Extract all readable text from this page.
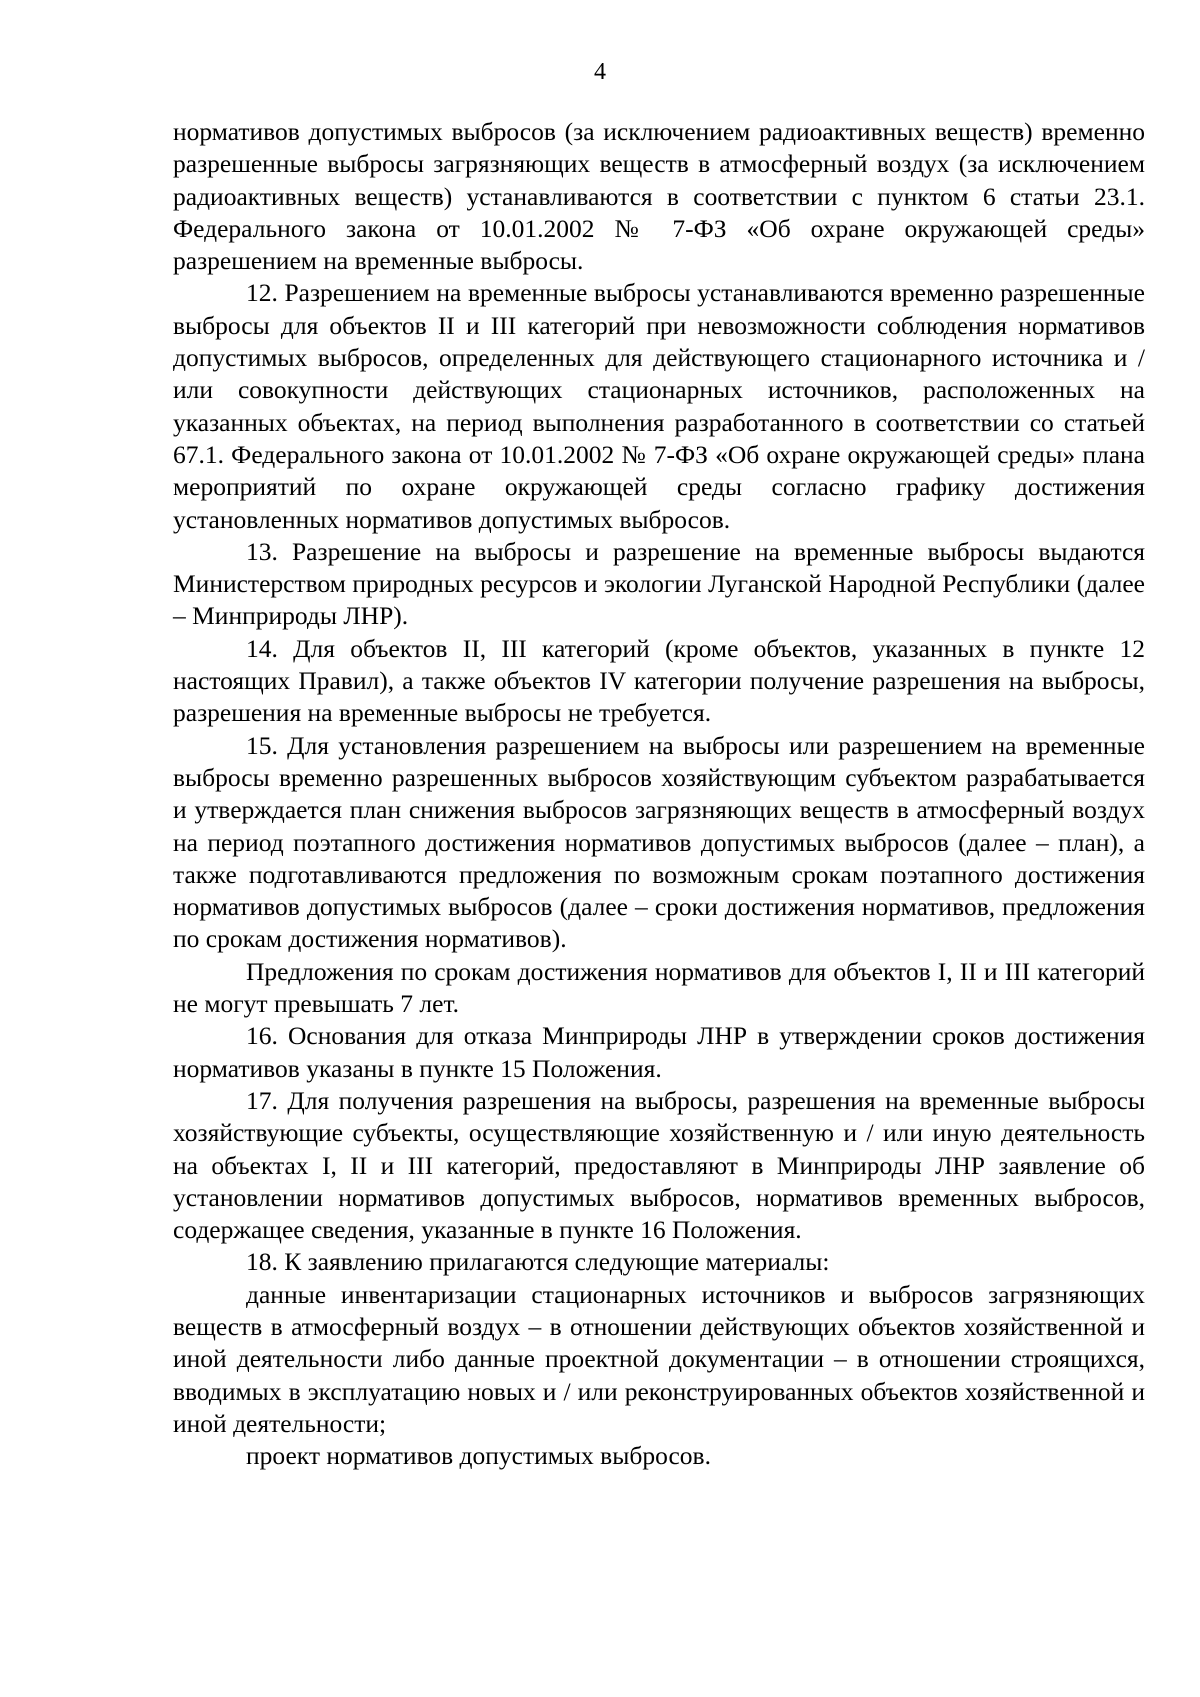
4

нормативов допустимых выбросов (за исключением радиоактивных веществ) временно разрешенные выбросы загрязняющих веществ в атмосферный воздух (за исключением радиоактивных веществ) устанавливаются в соответствии с пунктом 6 статьи 23.1. Федерального закона от 10.01.2002 № 7-ФЗ «Об охране окружающей среды» разрешением на временные выбросы.

12. Разрешением на временные выбросы устанавливаются временно разрешенные выбросы для объектов II и III категорий при невозможности соблюдения нормативов допустимых выбросов, определенных для действующего стационарного источника и / или совокупности действующих стационарных источников, расположенных на указанных объектах, на период выполнения разработанного в соответствии со статьей 67.1. Федерального закона от 10.01.2002 № 7-ФЗ «Об охране окружающей среды» плана мероприятий по охране окружающей среды согласно графику достижения установленных нормативов допустимых выбросов.

13. Разрешение на выбросы и разрешение на временные выбросы выдаются Министерством природных ресурсов и экологии Луганской Народной Республики (далее – Минприроды ЛНР).

14. Для объектов II, III категорий (кроме объектов, указанных в пункте 12 настоящих Правил), а также объектов IV категории получение разрешения на выбросы, разрешения на временные выбросы не требуется.

15. Для установления разрешением на выбросы или разрешением на временные выбросы временно разрешенных выбросов хозяйствующим субъектом разрабатывается и утверждается план снижения выбросов загрязняющих веществ в атмосферный воздух на период поэтапного достижения нормативов допустимых выбросов (далее – план), а также подготавливаются предложения по возможным срокам поэтапного достижения нормативов допустимых выбросов (далее – сроки достижения нормативов, предложения по срокам достижения нормативов).

Предложения по срокам достижения нормативов для объектов I, II и III категорий не могут превышать 7 лет.

16. Основания для отказа Минприроды ЛНР в утверждении сроков достижения нормативов указаны в пункте 15 Положения.

17. Для получения разрешения на выбросы, разрешения на временные выбросы хозяйствующие субъекты, осуществляющие хозяйственную и / или иную деятельность на объектах I, II и III категорий, предоставляют в Минприроды ЛНР заявление об установлении нормативов допустимых выбросов, нормативов временных выбросов, содержащее сведения, указанные в пункте 16 Положения.

18. К заявлению прилагаются следующие материалы:

данные инвентаризации стационарных источников и выбросов загрязняющих веществ в атмосферный воздух – в отношении действующих объектов хозяйственной и иной деятельности либо данные проектной документации – в отношении строящихся, вводимых в эксплуатацию новых и / или реконструированных объектов хозяйственной и иной деятельности;

проект нормативов допустимых выбросов.
